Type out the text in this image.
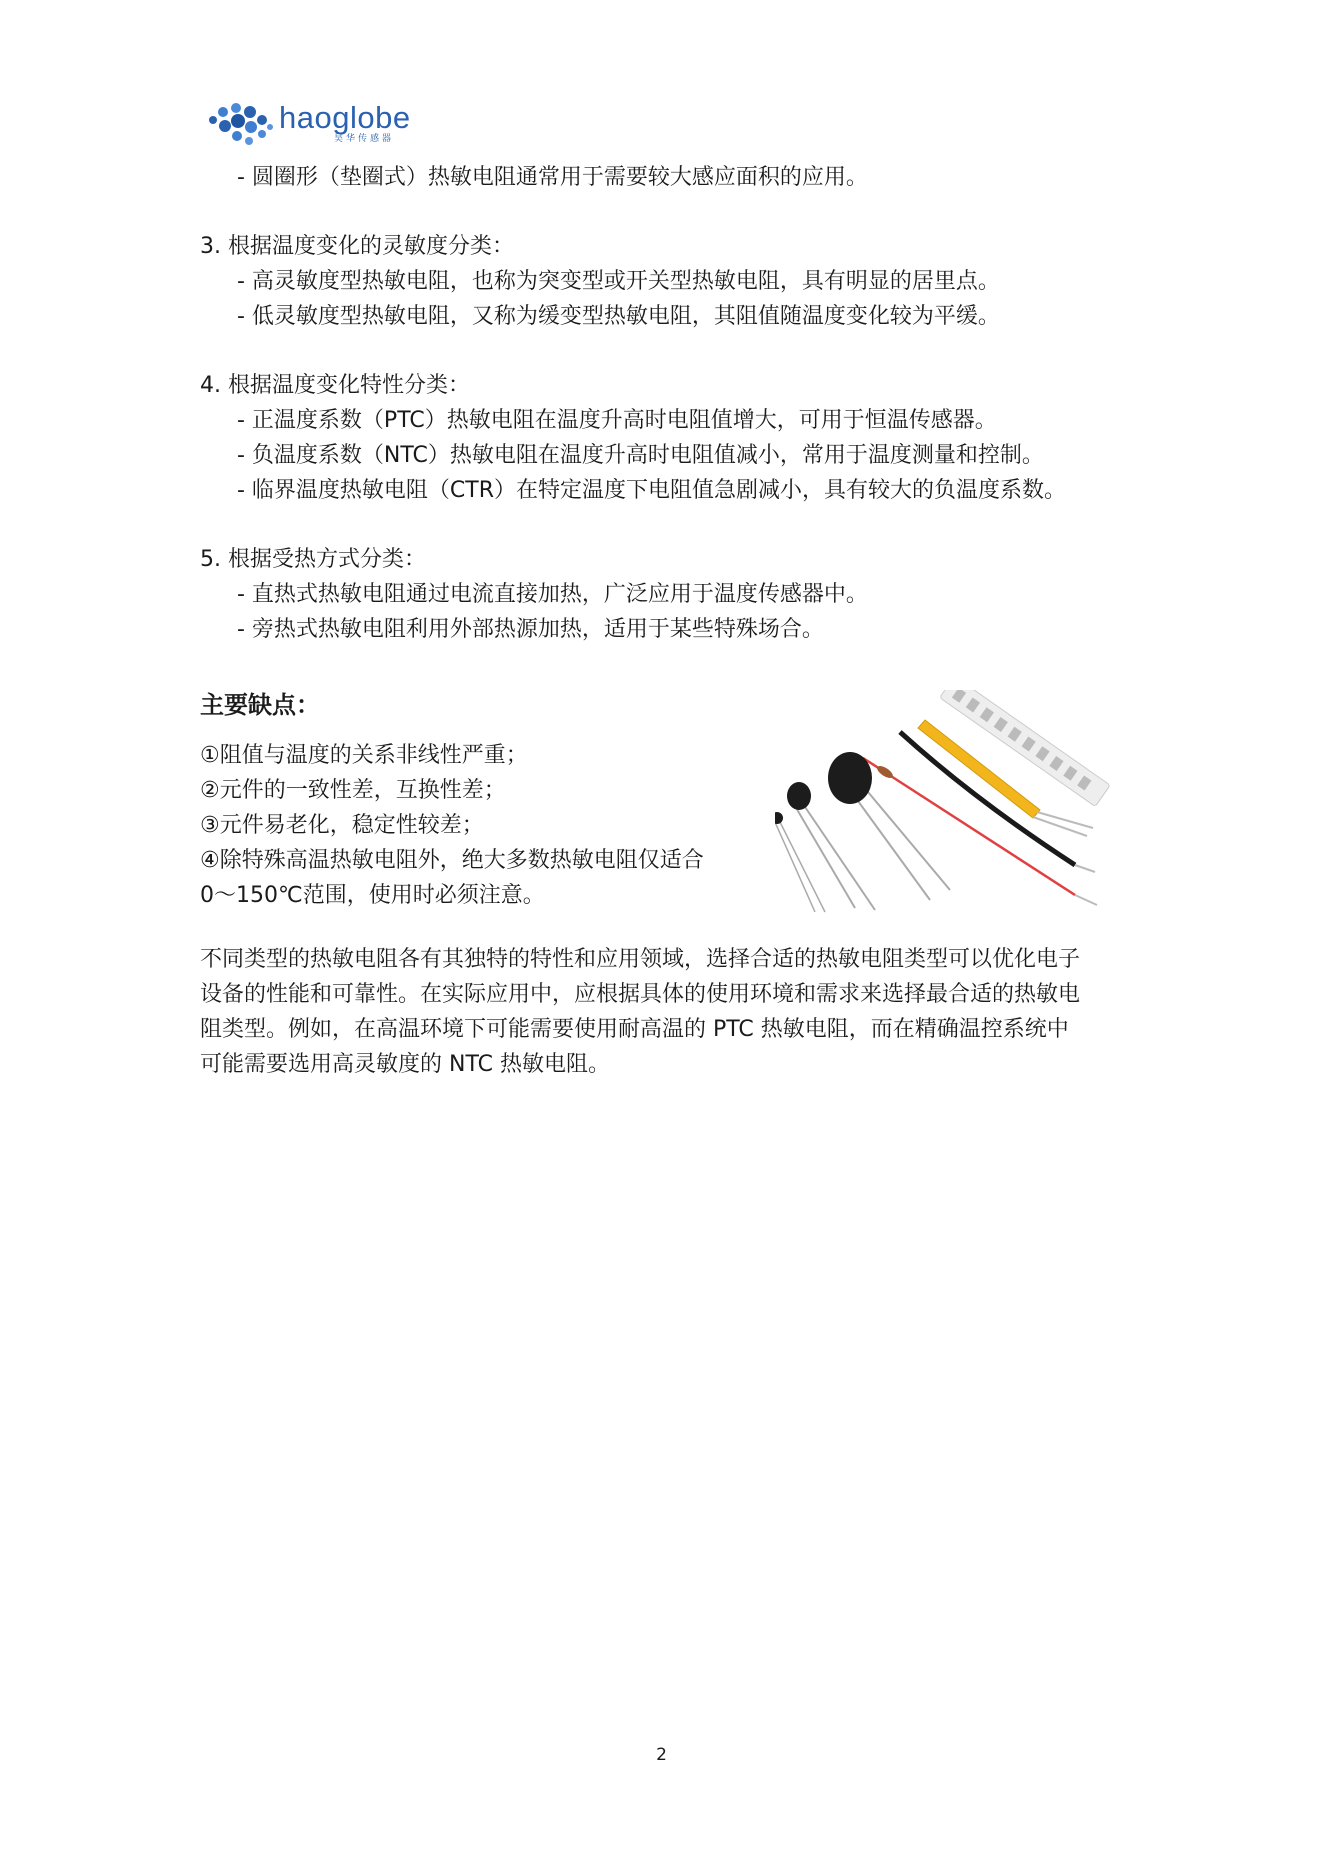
haoglobe
昊华传感器
- 圆圈形（垫圈式）热敏电阻通常用于需要较大感应面积的应用。
3. 根据温度变化的灵敏度分类：
- 高灵敏度型热敏电阻，也称为突变型或开关型热敏电阻，具有明显的居里点。
- 低灵敏度型热敏电阻，又称为缓变型热敏电阻，其阻值随温度变化较为平缓。
4. 根据温度变化特性分类：
- 正温度系数（PTC）热敏电阻在温度升高时电阻值增大，可用于恒温传感器。
- 负温度系数（NTC）热敏电阻在温度升高时电阻值减小，常用于温度测量和控制。
- 临界温度热敏电阻（CTR）在特定温度下电阻值急剧减小，具有较大的负温度系数。
5. 根据受热方式分类：
- 直热式热敏电阻通过电流直接加热，广泛应用于温度传感器中。
- 旁热式热敏电阻利用外部热源加热，适用于某些特殊场合。
主要缺点：
①阻值与温度的关系非线性严重；
②元件的一致性差，互换性差；
③元件易老化，稳定性较差；
④除特殊高温热敏电阻外，绝大多数热敏电阻仅适合
0～150℃范围，使用时必须注意。
不同类型的热敏电阻各有其独特的特性和应用领域，选择合适的热敏电阻类型可以优化电子
设备的性能和可靠性。在实际应用中，应根据具体的使用环境和需求来选择最合适的热敏电
阻类型。例如，在高温环境下可能需要使用耐高温的 PTC 热敏电阻，而在精确温控系统中
可能需要选用高灵敏度的 NTC 热敏电阻。
2
